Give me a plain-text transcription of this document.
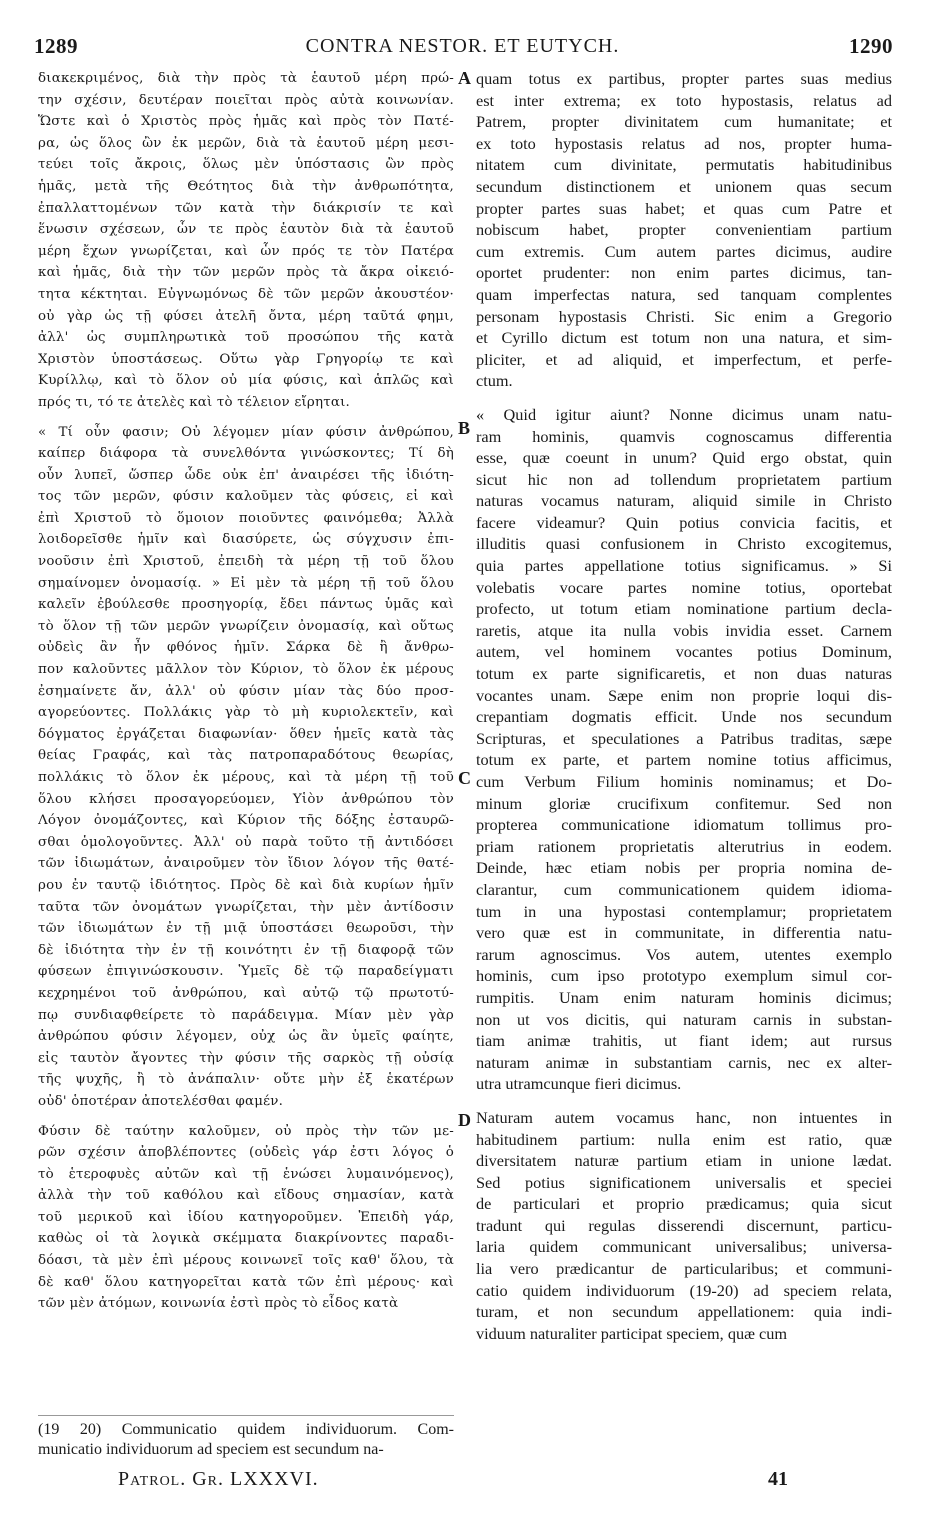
1289	CONTRA NESTOR. ET EUTYCH.	1290

διακεκριμένος, διὰ τὴν πρὸς τὰ ἑαυτοῦ μέρη πρώ-
την σχέσιν, δευτέραν ποιεῖται πρὸς αὐτὰ κοινωνίαν.
Ὥστε καὶ ὁ Χριστὸς πρὸς ἡμᾶς καὶ πρὸς τὸν Πατέ-
ρα, ὡς ὅλος ὢν ἐκ μερῶν, διὰ τὰ ἑαυτοῦ μέρη μεσι-
τεύει τοῖς ἄκροις, ὅλως μὲν ὑπόστασις ὢν πρὸς
ἡμᾶς, μετὰ τῆς Θεότητος διὰ τὴν ἀνθρωπότητα,
ἐπαλλαττομένων τῶν κατὰ τὴν διάκρισίν τε καὶ
ἕνωσιν σχέσεων, ὧν τε πρὸς ἑαυτὸν διὰ τὰ ἑαυτοῦ
μέρη ἔχων γνωρίζεται, καὶ ὧν πρός τε τὸν Πατέρα
καὶ ἡμᾶς, διὰ τὴν τῶν μερῶν πρὸς τὰ ἄκρα οἰκειό-
τητα κέκτηται. Εὐγνωμόνως δὲ τῶν μερῶν ἀκουστέον·
οὐ γὰρ ὡς τῇ φύσει ἀτελῆ ὄντα, μέρη ταῦτά φημι,
ἀλλ' ὡς συμπληρωτικὰ τοῦ προσώπου τῆς κατὰ
Χριστὸν ὑποστάσεως. Οὕτω γὰρ Γρηγορίῳ τε καὶ
Κυρίλλῳ, καὶ τὸ ὅλον οὐ μία φύσις, καὶ ἁπλῶς καὶ
πρός τι, τό τε ἀτελὲς καὶ τὸ τέλειον εἴρηται.

« Τί οὖν φασιν; Οὐ λέγομεν μίαν φύσιν ἀνθρώπου,
καίπερ διάφορα τὰ συνελθόντα γινώσκοντες; Τί δὴ
οὖν λυπεῖ, ὥσπερ ὧδε οὐκ ἐπ' ἀναιρέσει τῆς ἰδιότη-
τος τῶν μερῶν, φύσιν καλοῦμεν τὰς φύσεις, εἰ καὶ
ἐπὶ Χριστοῦ τὸ ὅμοιον ποιοῦντες φαινόμεθα; Ἀλλὰ
λοιδορεῖσθε ἡμῖν καὶ διασύρετε, ὡς σύγχυσιν ἐπι-
νοοῦσιν ἐπὶ Χριστοῦ, ἐπειδὴ τὰ μέρη τῇ τοῦ ὅλου
σημαίνομεν ὀνομασίᾳ. » Εἰ μὲν τὰ μέρη τῇ τοῦ ὅλου
καλεῖν ἐβούλεσθε προσηγορίᾳ, ἔδει πάντως ὑμᾶς καὶ
τὸ ὅλον τῇ τῶν μερῶν γνωρίζειν ὀνομασίᾳ, καὶ οὕτως
οὐδεὶς ἂν ἦν φθόνος ἡμῖν. Σάρκα δὲ ἢ ἄνθρω-
πον καλοῦντες μᾶλλον τὸν Κύριον, τὸ ὅλον ἐκ μέρους
ἐσημαίνετε ἄν, ἀλλ' οὐ φύσιν μίαν τὰς δύο προσ-
αγορεύοντες. Πολλάκις γὰρ τὸ μὴ κυριολεκτεῖν, καὶ
δόγματος ἐργάζεται διαφωνίαν· ὅθεν ἡμεῖς κατὰ τὰς
θείας Γραφάς, καὶ τὰς πατροπαραδότους θεωρίας,
πολλάκις τὸ ὅλον ἐκ μέρους, καὶ τὰ μέρη τῇ τοῦ
ὅλου κλήσει προσαγορεύομεν, Υἱὸν ἀνθρώπου τὸν
Λόγον ὀνομάζοντες, καὶ Κύριον τῆς δόξης ἐσταυρῶ-
σθαι ὁμολογοῦντες. Ἀλλ' οὐ παρὰ τοῦτο τῇ ἀντιδόσει
τῶν ἰδιωμάτων, ἀναιροῦμεν τὸν ἴδιον λόγον τῆς θατέ-
ρου ἐν ταυτῷ ἰδιότητος. Πρὸς δὲ καὶ διὰ κυρίων ἡμῖν
ταῦτα τῶν ὀνομάτων γνωρίζεται, τὴν μὲν ἀντίδοσιν
τῶν ἰδιωμάτων ἐν τῇ μιᾷ ὑποστάσει θεωροῦσι, τὴν
δὲ ἰδιότητα τὴν ἐν τῇ κοινότητι ἐν τῇ διαφορᾷ τῶν
φύσεων ἐπιγινώσκουσιν. Ὑμεῖς δὲ τῷ παραδείγματι
κεχρημένοι τοῦ ἀνθρώπου, καὶ αὐτῷ τῷ πρωτοτύ-
πῳ συνδιαφθείρετε τὸ παράδειγμα. Μίαν μὲν γὰρ
ἀνθρώπου φύσιν λέγομεν, οὐχ ὡς ἂν ὑμεῖς φαίητε,
εἰς ταυτὸν ἄγοντες τὴν φύσιν τῆς σαρκὸς τῇ οὐσίᾳ
τῆς ψυχῆς, ἢ τὸ ἀνάπαλιν· οὔτε μὴν ἐξ ἑκατέρων
οὐδ' ὁποτέραν ἀποτελέσθαι φαμέν.

Φύσιν δὲ ταύτην καλοῦμεν, οὐ πρὸς τὴν τῶν με-
ρῶν σχέσιν ἀποβλέποντες (οὐδεὶς γάρ ἐστι λόγος ὁ
τὸ ἑτεροφυὲς αὐτῶν καὶ τῇ ἑνώσει λυμαινόμενος),
ἀλλὰ τὴν τοῦ καθόλου καὶ εἴδους σημασίαν, κατὰ
τοῦ μερικοῦ καὶ ἰδίου κατηγοροῦμεν. Ἐπειδὴ γάρ,
καθὼς οἱ τὰ λογικὰ σκέμματα διακρίνοντες παραδι-
δόασι, τὰ μὲν ἐπὶ μέρους κοινωνεῖ τοῖς καθ' ὅλου, τὰ
δὲ καθ' ὅλου κατηγορεῖται κατὰ τῶν ἐπὶ μέρους· καὶ
τῶν μὲν ἀτόμων, κοινωνία ἐστὶ πρὸς τὸ εἶδος κατὰ

quam totus ex partibus, propter partes suas medius
est inter extrema; ex toto hypostasis, relatus ad
Patrem, propter divinitatem cum humanitate; et
ex toto hypostasis relatus ad nos, propter huma-
nitatem cum divinitate, permutatis habitudinibus
secundum distinctionem et unionem quas secum
propter partes suas habet; et quas cum Patre et
nobiscum habet, propter convenientiam partium
cum extremis. Cum autem partes dicimus, audire
oportet prudenter: non enim partes dicimus, tan-
quam imperfectas natura, sed tanquam complentes
personam hypostasis Christi. Sic enim a Gregorio
et Cyrillo dictum est totum non una natura, et sim-
pliciter, et ad aliquid, et imperfectum, et perfe-
ctum.

« Quid igitur aiunt? Nonne dicimus unam natu-
ram hominis, quamvis cognoscamus differentia
esse, quæ coeunt in unum? Quid ergo obstat, quin
sicut hic non ad tollendum proprietatem partium
naturas vocamus naturam, aliquid simile in Christo
facere videamur? Quin potius convicia facitis, et
illuditis quasi confusionem in Christo excogitemus,
quia partes appellatione totius significamus. » Si
volebatis vocare partes nomine totius, oportebat
profecto, ut totum etiam nominatione partium decla-
raretis, atque ita nulla vobis invidia esset. Carnem
autem, vel hominem vocantes potius Dominum,
totum ex parte significaretis, et non duas naturas
vocantes unam. Sæpe enim non proprie loqui dis-
crepantiam dogmatis efficit. Unde nos secundum
Scripturas, et speculationes a Patribus traditas, sæpe
totum ex parte, et partem nomine totius afficimus,
cum Verbum Filium hominis nominamus; et Do-
minum gloriæ crucifixum confitemur. Sed non
propterea communicatione idiomatum tollimus pro-
priam rationem proprietatis alterutrius in eodem.
Deinde, hæc etiam nobis per propria nomina de-
clarantur, cum communicationem quidem idioma-
tum in una hypostasi contemplamur; proprietatem
vero quæ est in communitate, in differentia natu-
rarum agnoscimus. Vos autem, utentes exemplo
hominis, cum ipso prototypo exemplum simul cor-
rumpitis. Unam enim naturam hominis dicimus;
non ut vos dicitis, qui naturam carnis in substan-
tiam animæ trahitis, ut fiant idem; aut rursus
naturam animæ in substantiam carnis, nec ex alter-
utra utramcunque fieri dicimus.

Naturam autem vocamus hanc, non intuentes in
habitudinem partium: nulla enim est ratio, quæ
diversitatem naturæ partium etiam in unione lædat.
Sed potius significationem universalis et speciei
de particulari et proprio prædicamus; quia sicut
tradunt qui regulas disserendi discernunt, particu-
laria quidem communicant universalibus; universa-
lia vero prædicantur de particularibus; et communi-
catio quidem individuorum (19-20) ad speciem relata,
turam, et non secundum appellationem: quia indi-
viduum naturaliter participat speciem, quæ cum

A
B
C
D
(19 20) Communicatio quidem individuorum. Com-
municatio individuorum ad speciem est secundum na-
Patrol. Gr. LXXXVI.	41
